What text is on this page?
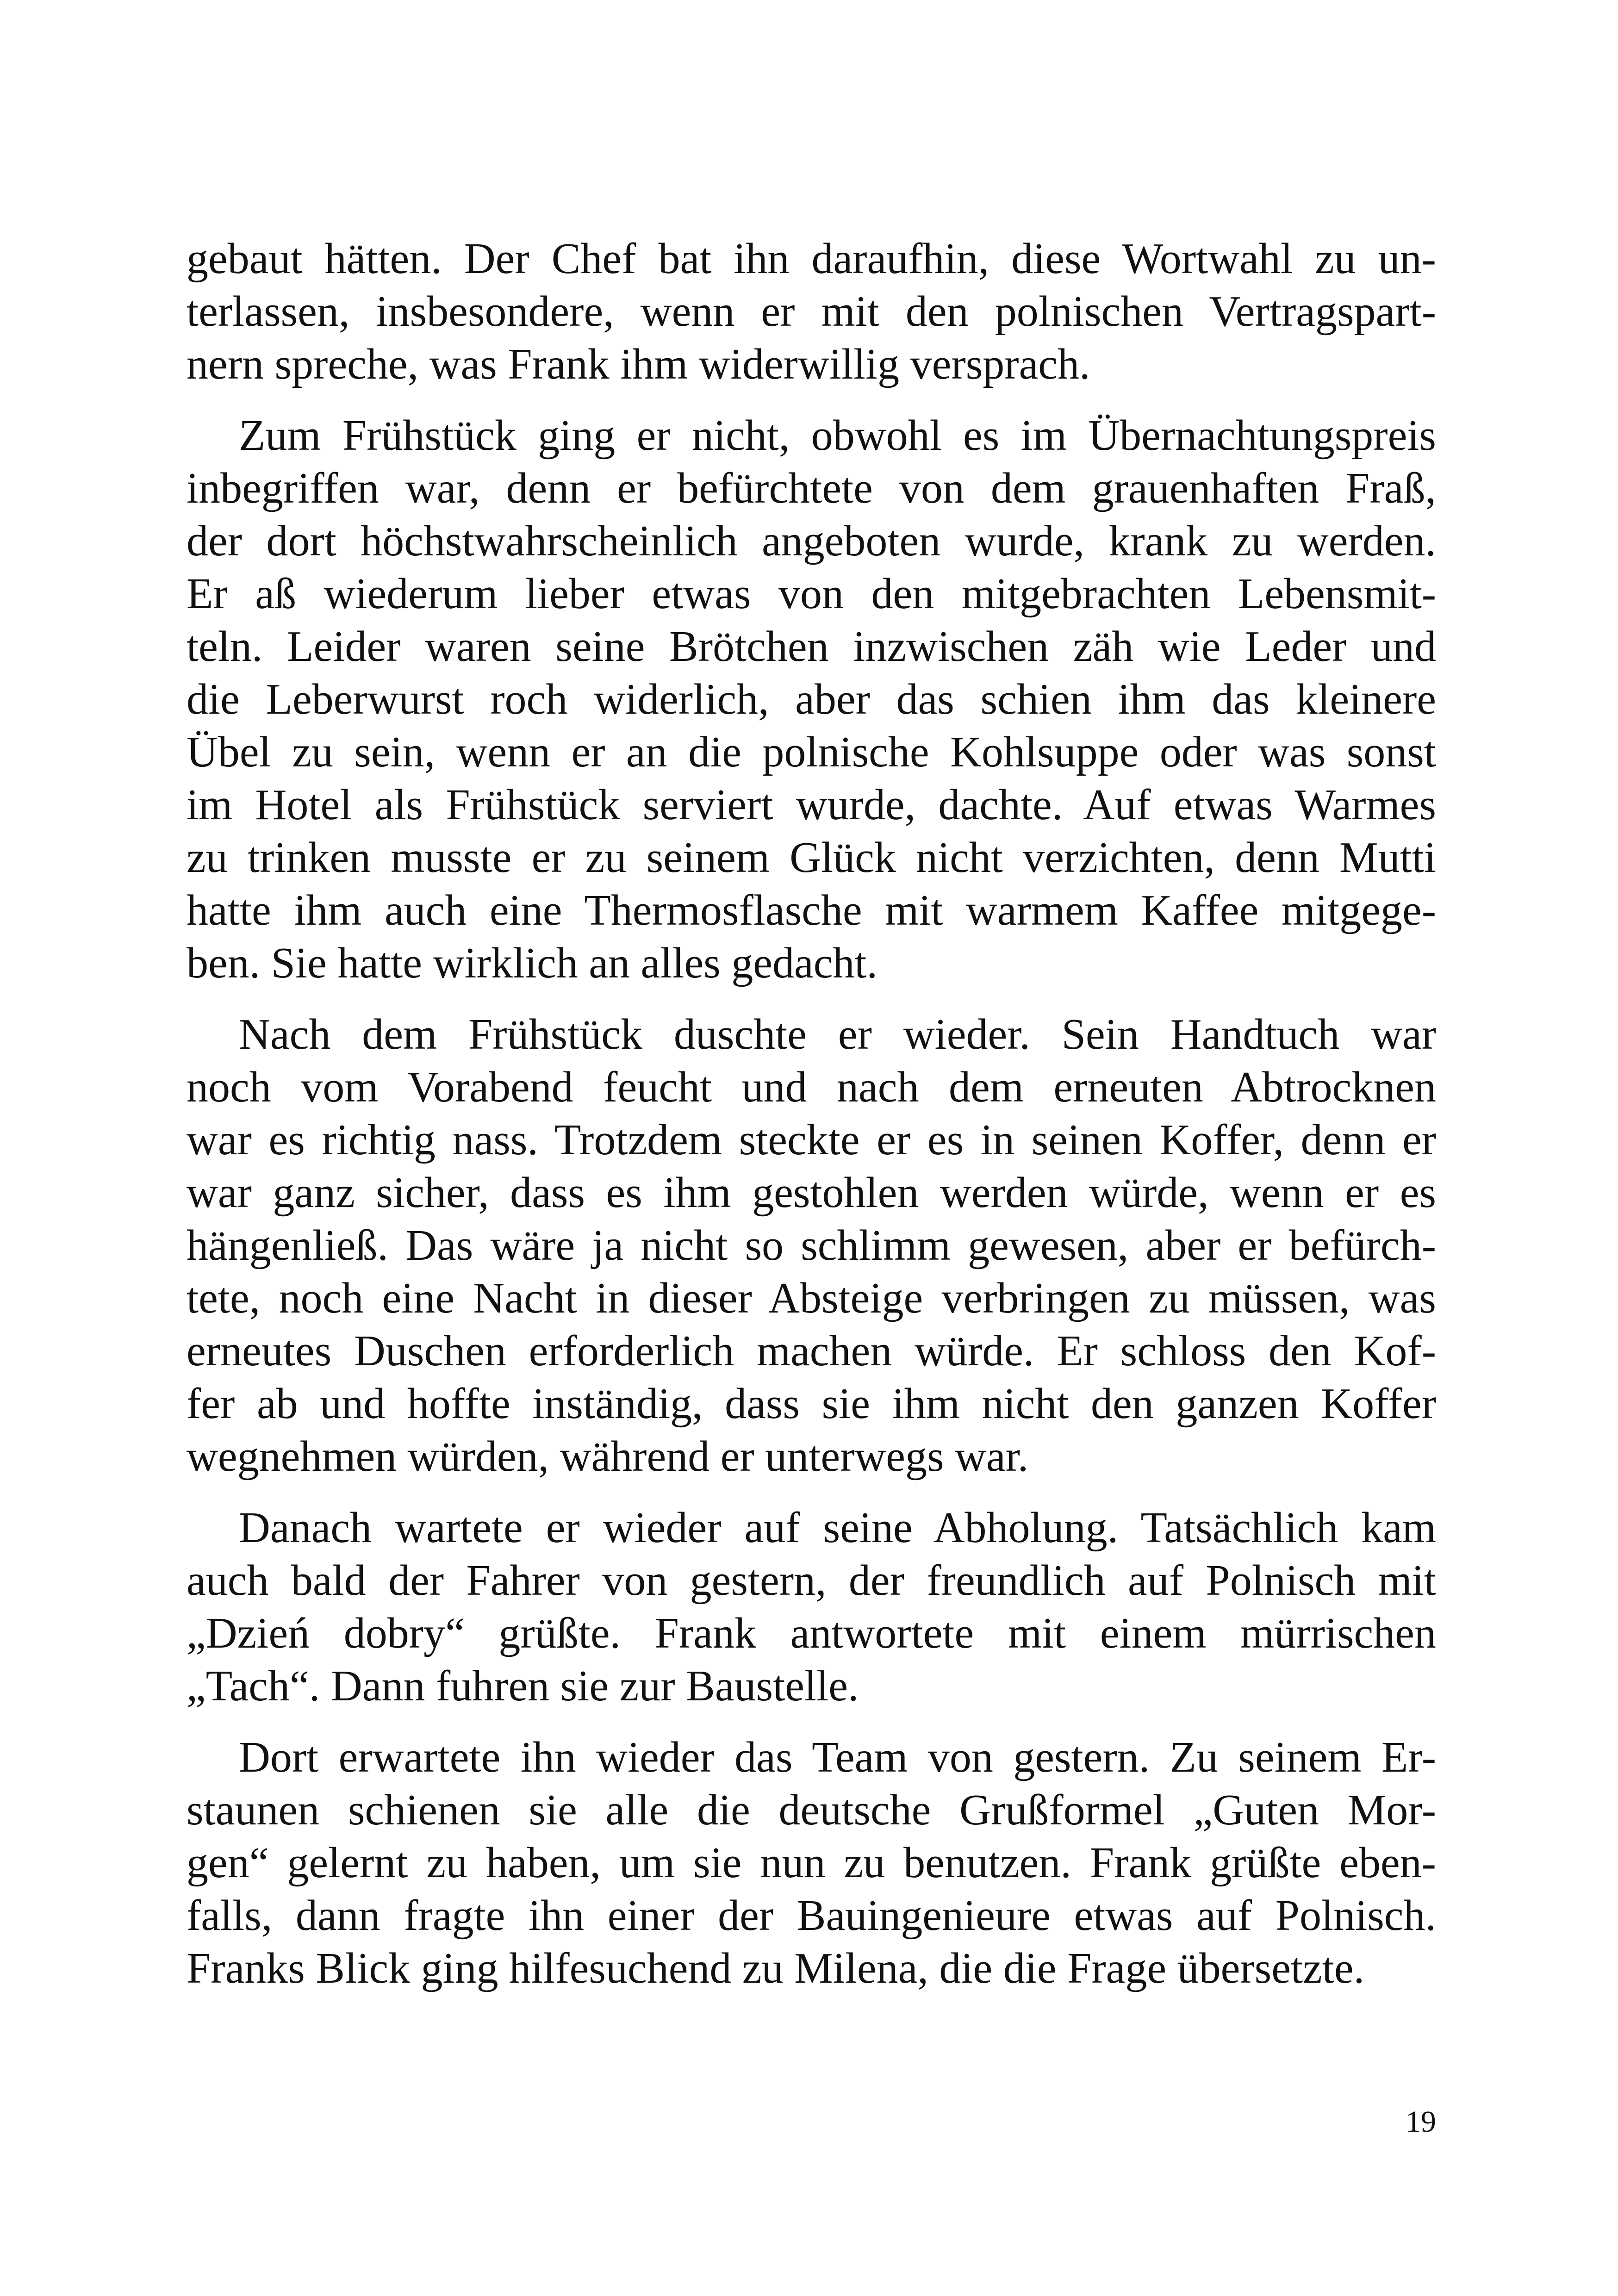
gebaut hätten. Der Chef bat ihn daraufhin, diese Wortwahl zu un-
terlassen, insbesondere, wenn er mit den polnischen Vertragspart-
nern spreche, was Frank ihm widerwillig versprach.
Zum Frühstück ging er nicht, obwohl es im Übernachtungspreis
inbegriffen war, denn er befürchtete von dem grauenhaften Fraß,
der dort höchstwahrscheinlich angeboten wurde, krank zu werden.
Er aß wiederum lieber etwas von den mitgebrachten Lebensmit-
teln. Leider waren seine Brötchen inzwischen zäh wie Leder und
die Leberwurst roch widerlich, aber das schien ihm das kleinere
Übel zu sein, wenn er an die polnische Kohlsuppe oder was sonst
im Hotel als Frühstück serviert wurde, dachte. Auf etwas Warmes
zu trinken musste er zu seinem Glück nicht verzichten, denn Mutti
hatte ihm auch eine Thermosflasche mit warmem Kaffee mitgege-
ben. Sie hatte wirklich an alles gedacht.
Nach dem Frühstück duschte er wieder. Sein Handtuch war
noch vom Vorabend feucht und nach dem erneuten Abtrocknen
war es richtig nass. Trotzdem steckte er es in seinen Koffer, denn er
war ganz sicher, dass es ihm gestohlen werden würde, wenn er es
hängenließ. Das wäre ja nicht so schlimm gewesen, aber er befürch-
tete, noch eine Nacht in dieser Absteige verbringen zu müssen, was
erneutes Duschen erforderlich machen würde. Er schloss den Kof-
fer ab und hoffte inständig, dass sie ihm nicht den ganzen Koffer
wegnehmen würden, während er unterwegs war.
Danach wartete er wieder auf seine Abholung. Tatsächlich kam
auch bald der Fahrer von gestern, der freundlich auf Polnisch mit
„Dzień dobry“ grüßte. Frank antwortete mit einem mürrischen
„Tach“. Dann fuhren sie zur Baustelle.
Dort erwartete ihn wieder das Team von gestern. Zu seinem Er-
staunen schienen sie alle die deutsche Grußformel „Guten Mor-
gen“ gelernt zu haben, um sie nun zu benutzen. Frank grüßte eben-
falls, dann fragte ihn einer der Bauingenieure etwas auf Polnisch.
Franks Blick ging hilfesuchend zu Milena, die die Frage übersetzte.
19
